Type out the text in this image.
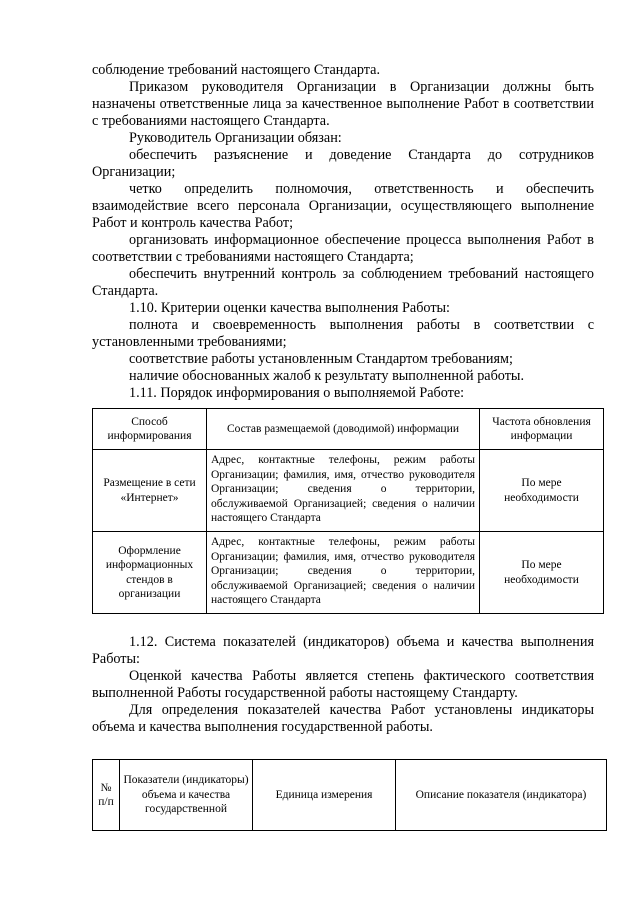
соблюдение требований настоящего Стандарта.

Приказом руководителя Организации в Организации должны быть назначены ответственные лица за качественное выполнение Работ в соответствии с требованиями настоящего Стандарта.

Руководитель Организации обязан:

обеспечить разъяснение и доведение Стандарта до сотрудников Организации;

четко определить полномочия, ответственность и обеспечить взаимодействие всего персонала Организации, осуществляющего выполнение Работ и контроль качества Работ;

организовать информационное обеспечение процесса выполнения Работ в соответствии с требованиями настоящего Стандарта;

обеспечить внутренний контроль за соблюдением требований настоящего Стандарта.

1.10. Критерии оценки качества выполнения Работы:

полнота и своевременность выполнения работы в соответствии с установленными требованиями;

соответствие работы установленным Стандартом требованиям;

наличие обоснованных жалоб к результату выполненной работы.

1.11. Порядок информирования о выполняемой Работе:

Способ информирования	Состав размещаемой (доводимой) информации	Частота обновления информации
Размещение в сети «Интернет»	Адрес, контактные телефоны, режим работы Организации; фамилия, имя, отчество руководителя Организации; сведения о территории, обслуживаемой Организацией; сведения о наличии настоящего Стандарта	По мере необходимости
Оформление информационных стендов в организации	Адрес, контактные телефоны, режим работы Организации; фамилия, имя, отчество руководителя Организации; сведения о территории, обслуживаемой Организацией; сведения о наличии настоящего Стандарта	По мере необходимости

1.12. Система показателей (индикаторов) объема и качества выполнения Работы:

Оценкой качества Работы является степень фактического соответствия выполненной Работы государственной работы настоящему Стандарту.

Для определения показателей качества Работ установлены индикаторы объема и качества выполнения государственной работы.

№ п/п	Показатели (индикаторы) объема и качества государственной	Единица измерения	Описание показателя (индикатора)
